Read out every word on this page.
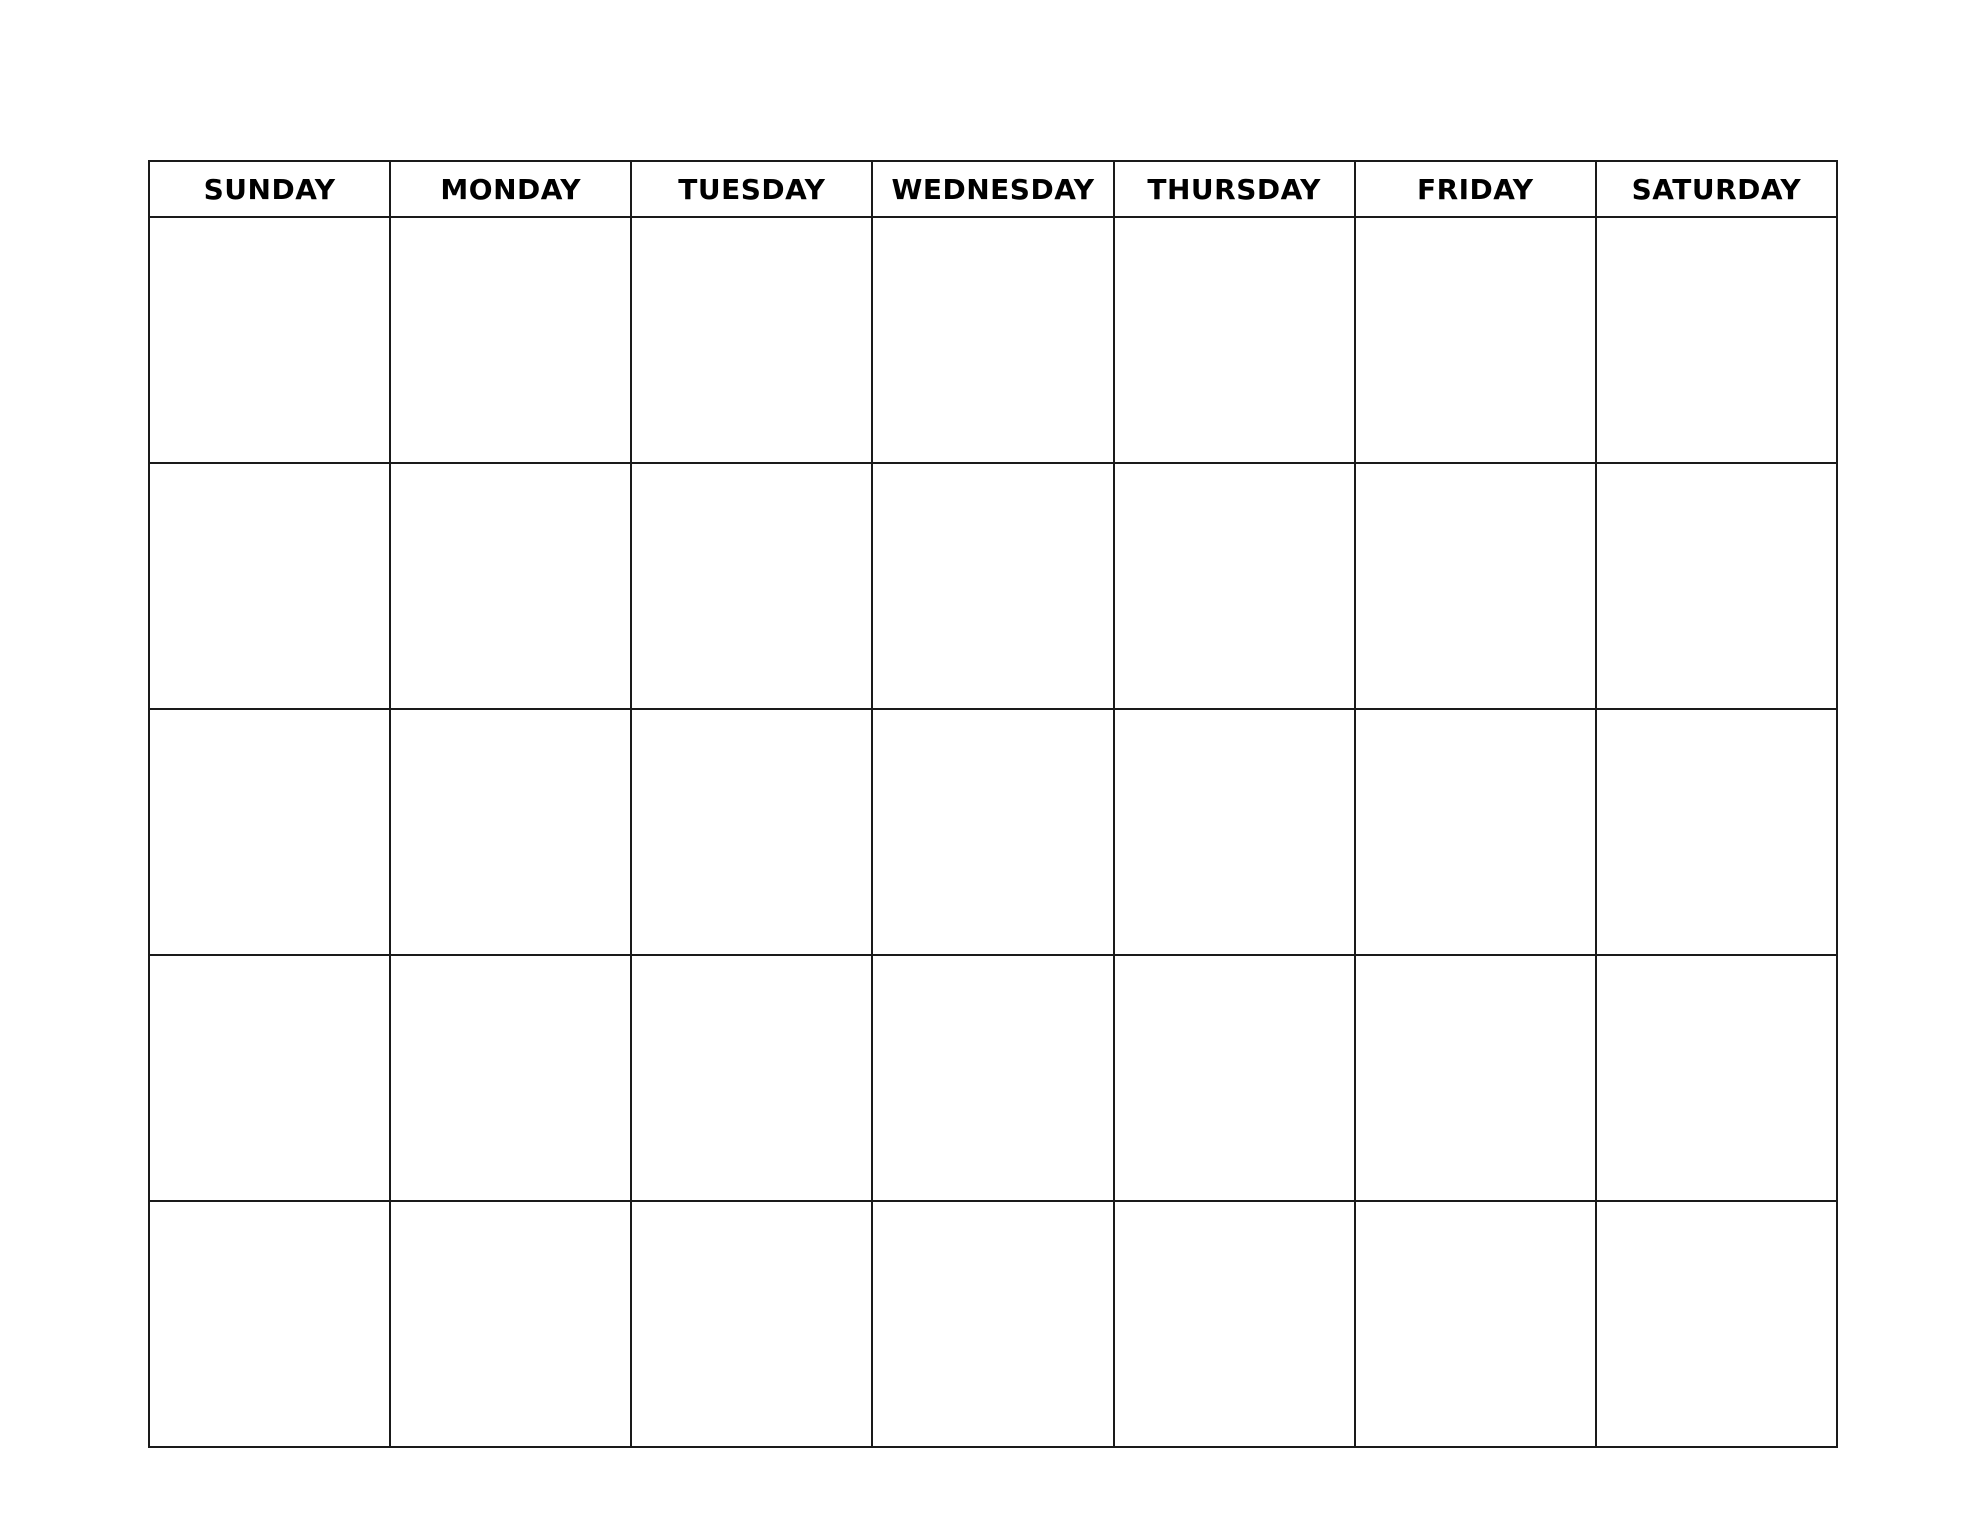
SUNDAY	MONDAY	TUESDAY	WEDNESDAY	THURSDAY	FRIDAY	SATURDAY
